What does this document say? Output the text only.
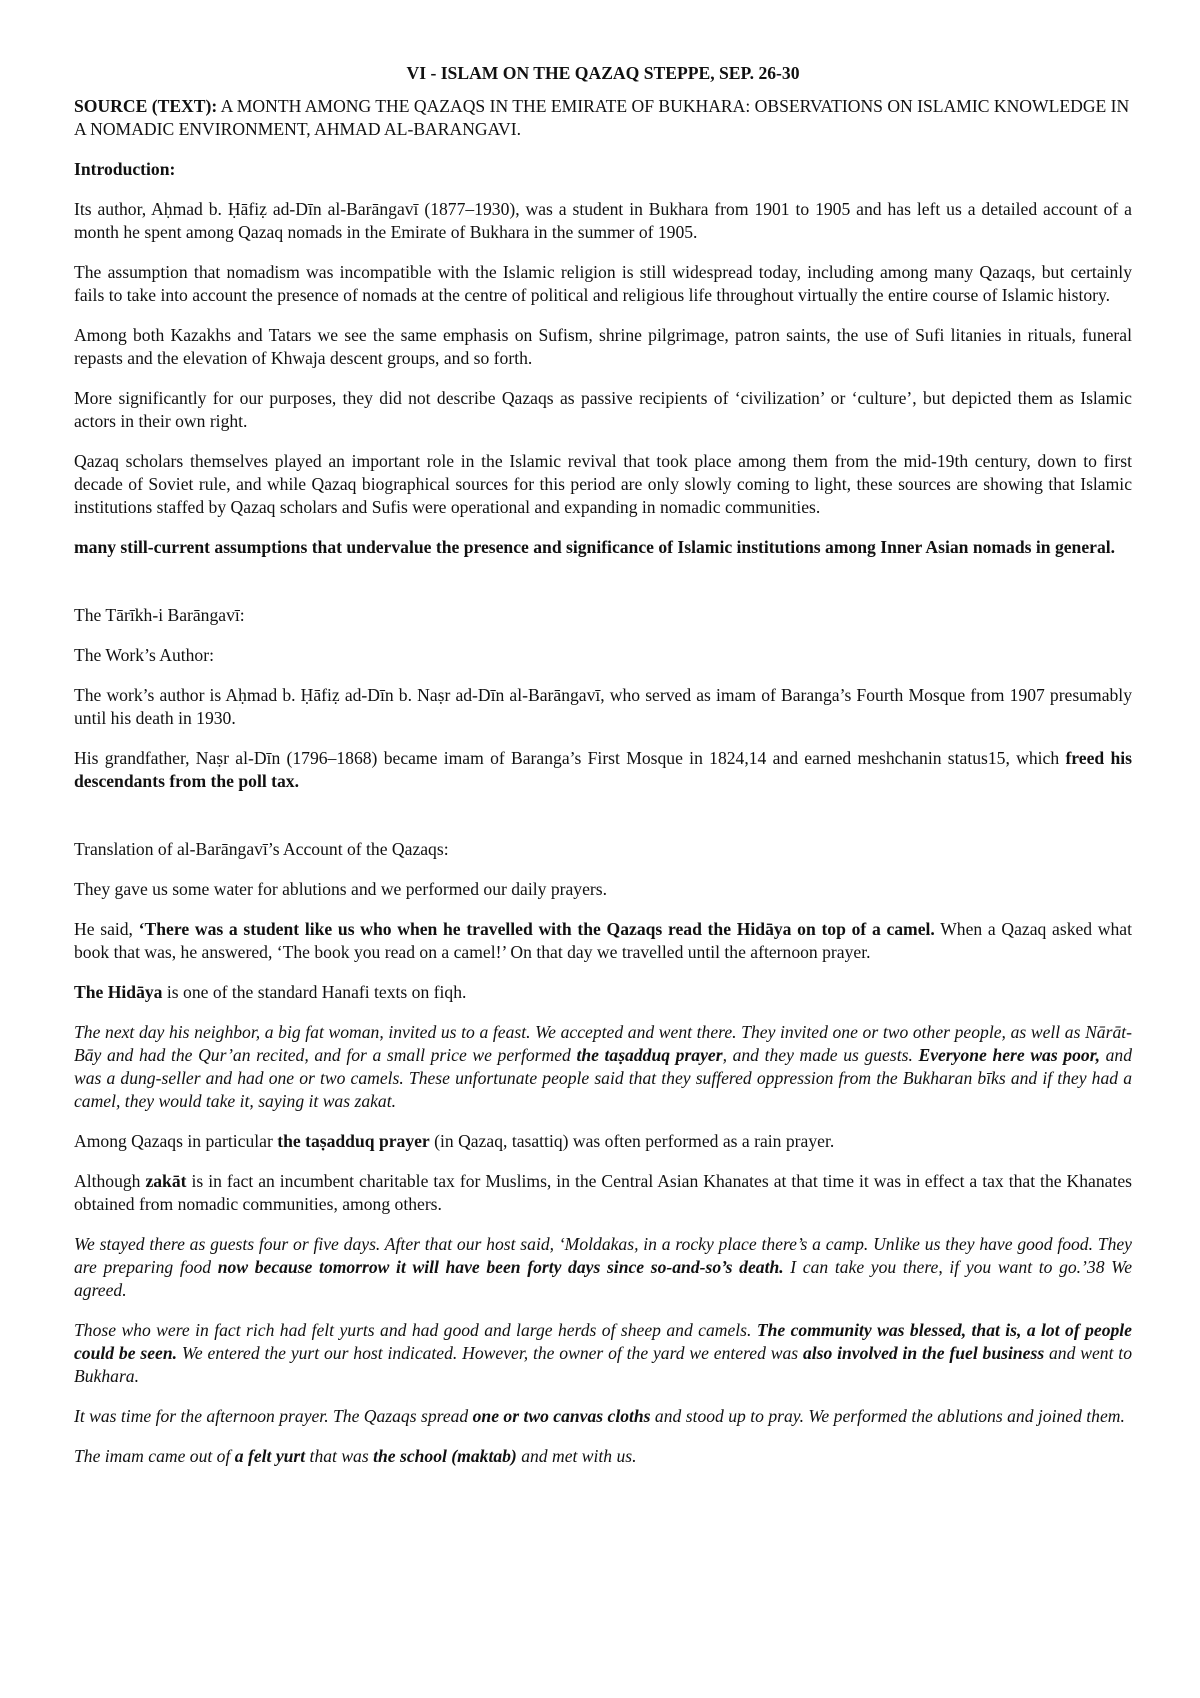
VI - ISLAM ON THE QAZAQ STEPPE, SEP. 26-30

SOURCE (TEXT): A MONTH AMONG THE QAZAQS IN THE EMIRATE OF BUKHARA: OBSERVATIONS ON ISLAMIC KNOWLEDGE IN A NOMADIC ENVIRONMENT, AHMAD AL-BARANGAVI.

Introduction:

Its author, Aḥmad b. Ḥāfiẓ ad-Dīn al-Barāngavī (1877–1930), was a student in Bukhara from 1901 to 1905 and has left us a detailed account of a month he spent among Qazaq nomads in the Emirate of Bukhara in the summer of 1905.

The assumption that nomadism was incompatible with the Islamic religion is still widespread today, including among many Qazaqs, but certainly fails to take into account the presence of nomads at the centre of political and religious life throughout virtually the entire course of Islamic history.

Among both Kazakhs and Tatars we see the same emphasis on Sufism, shrine pilgrimage, patron saints, the use of Sufi litanies in rituals, funeral repasts and the elevation of Khwaja descent groups, and so forth.

More significantly for our purposes, they did not describe Qazaqs as passive recipients of ‘civilization’ or ‘culture’, but depicted them as Islamic actors in their own right.

Qazaq scholars themselves played an important role in the Islamic revival that took place among them from the mid-19th century, down to first decade of Soviet rule, and while Qazaq biographical sources for this period are only slowly coming to light, these sources are showing that Islamic institutions staffed by Qazaq scholars and Sufis were operational and expanding in nomadic communities.

many still-current assumptions that undervalue the presence and significance of Islamic institutions among Inner Asian nomads in general.

The Tārīkh-i Barāngavī:

The Work’s Author:

The work’s author is Aḥmad b. Ḥāfiẓ ad-Dīn b. Naṣr ad-Dīn al-Barāngavī, who served as imam of Baranga’s Fourth Mosque from 1907 presumably until his death in 1930.

His grandfather, Naṣr al-Dīn (1796–1868) became imam of Baranga’s First Mosque in 1824,14 and earned meshchanin status15, which freed his descendants from the poll tax.

Translation of al-Barāngavī’s Account of the Qazaqs:

They gave us some water for ablutions and we performed our daily prayers.

He said, ‘There was a student like us who when he travelled with the Qazaqs read the Hidāya on top of a camel. When a Qazaq asked what book that was, he answered, ‘The book you read on a camel!’ On that day we travelled until the afternoon prayer.

The Hidāya is one of the standard Hanafi texts on fiqh.

The next day his neighbor, a big fat woman, invited us to a feast. We accepted and went there. They invited one or two other people, as well as Nārāt-Bāy and had the Qur’an recited, and for a small price we performed the taṣadduq prayer, and they made us guests. Everyone here was poor, and was a dung-seller and had one or two camels. These unfortunate people said that they suffered oppression from the Bukharan bīks and if they had a camel, they would take it, saying it was zakat.

Among Qazaqs in particular the taṣadduq prayer (in Qazaq, tasattiq) was often performed as a rain prayer.

Although zakāt is in fact an incumbent charitable tax for Muslims, in the Central Asian Khanates at that time it was in effect a tax that the Khanates obtained from nomadic communities, among others.

We stayed there as guests four or five days. After that our host said, ‘Moldakas, in a rocky place there’s a camp. Unlike us they have good food. They are preparing food now because tomorrow it will have been forty days since so-and-so’s death. I can take you there, if you want to go.’38 We agreed.

Those who were in fact rich had felt yurts and had good and large herds of sheep and camels. The community was blessed, that is, a lot of people could be seen. We entered the yurt our host indicated. However, the owner of the yard we entered was also involved in the fuel business and went to Bukhara.

It was time for the afternoon prayer. The Qazaqs spread one or two canvas cloths and stood up to pray. We performed the ablutions and joined them.

The imam came out of a felt yurt that was the school (maktab) and met with us.
